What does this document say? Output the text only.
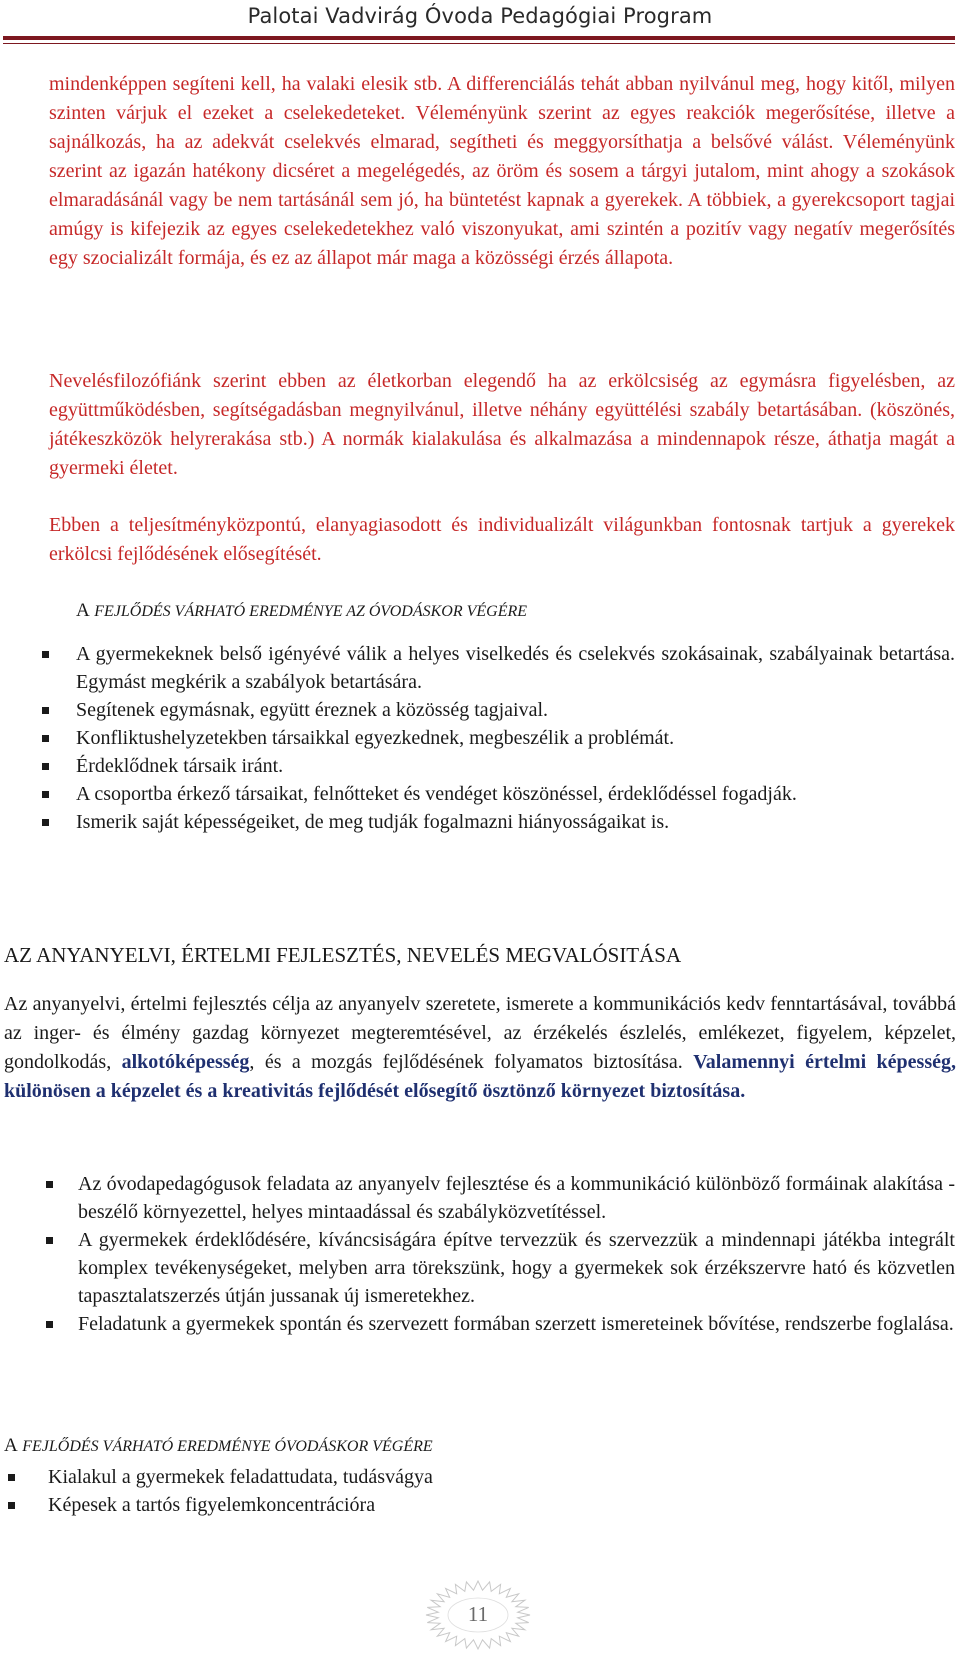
Palotai Vadvirág Óvoda Pedagógiai Program

mindenképpen segíteni kell, ha valaki elesik stb. A differenciálás tehát abban nyilvánul meg, hogy kitől, milyen szinten várjuk el ezeket a cselekedeteket. Véleményünk szerint az egyes reakciók megerősítése, illetve a sajnálkozás, ha az adekvát cselekvés elmarad, segítheti és meggyorsíthatja a belsővé válást. Véleményünk szerint az igazán hatékony dicséret a megelégedés, az öröm és sosem a tárgyi jutalom, mint ahogy a szokások elmaradásánál vagy be nem tartásánál sem jó, ha büntetést kapnak a gyerekek. A többiek, a gyerekcsoport tagjai amúgy is kifejezik az egyes cselekedetekhez való viszonyukat, ami szintén a pozitív vagy negatív megerősítés egy szocializált formája, és ez az állapot már maga a közösségi érzés állapota.

Nevelésfilozófiánk szerint ebben az életkorban elegendő ha az erkölcsiség az egymásra figyelésben, az együttműködésben, segítségadásban megnyilvánul, illetve néhány együttélési szabály betartásában. (köszönés, játékeszközök helyrerakása stb.) A normák kialakulása és alkalmazása a mindennapok része, áthatja magát a gyermeki életet.

Ebben a teljesítményközpontú, elanyagiasodott és individualizált világunkban fontosnak tartjuk a gyerekek erkölcsi fejlődésének elősegítését.

A FEJLŐDÉS VÁRHATÓ EREDMÉNYE AZ ÓVODÁSKOR VÉGÉRE
A gyermekeknek belső igényévé válik a helyes viselkedés és cselekvés szokásainak, szabályainak betartása. Egymást megkérik a szabályok betartására.
Segítenek egymásnak, együtt éreznek a közösség tagjaival.
Konfliktushelyzetekben társaikkal egyezkednek, megbeszélik a problémát.
Érdeklődnek társaik iránt.
A csoportba érkező társaikat, felnőtteket és vendéget köszönéssel, érdeklődéssel fogadják.
Ismerik saját képességeiket, de meg tudják fogalmazni hiányosságaikat is.
AZ ANYANYELVI, ÉRTELMI FEJLESZTÉS, NEVELÉS MEGVALÓSITÁSA

Az anyanyelvi, értelmi fejlesztés célja az anyanyelv szeretete, ismerete a kommunikációs kedv fenntartásával, továbbá az inger- és élmény gazdag környezet megteremtésével, az érzékelés észlelés, emlékezet, figyelem, képzelet, gondolkodás, alkotóképesség, és a mozgás fejlődésének folyamatos biztosítása. Valamennyi értelmi képesség, különösen a képzelet és a kreativitás fejlődését elősegítő ösztönző környezet biztosítása.

Az óvodapedagógusok feladata az anyanyelv fejlesztése és a kommunikáció különböző formáinak alakítása - beszélő környezettel, helyes mintaadással és szabályközvetítéssel.
A gyermekek érdeklődésére, kíváncsiságára építve tervezzük és szervezzük a mindennapi játékba integrált komplex tevékenységeket, melyben arra törekszünk, hogy a gyermekek sok érzékszervre ható és közvetlen tapasztalatszerzés útján jussanak új ismeretekhez.
Feladatunk a gyermekek spontán és szervezett formában szerzett ismereteinek bővítése, rendszerbe foglalása.
A FEJLŐDÉS VÁRHATÓ EREDMÉNYE ÓVODÁSKOR VÉGÉRE
Kialakul a gyermekek feladattudata, tudásvágya
Képesek a tartós figyelemkoncentrációra
11
